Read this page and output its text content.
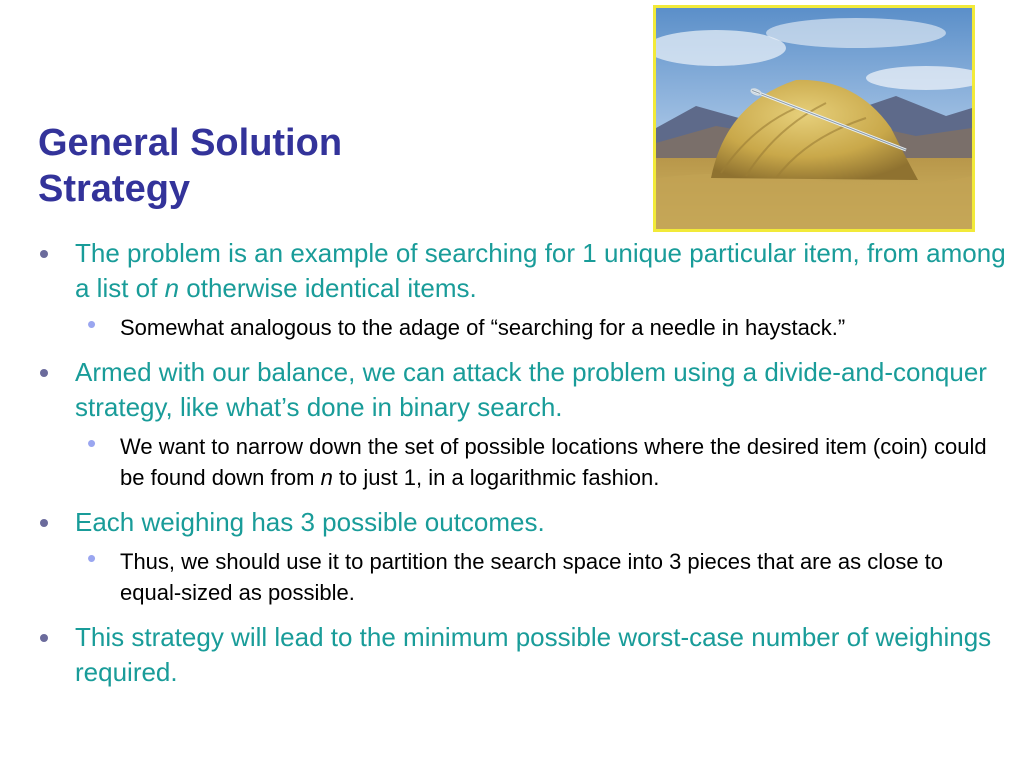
General Solution
Strategy
The problem is an example of searching for 1 unique particular item, from among a list of n otherwise identical items.
• Somewhat analogous to the adage of “searching for a needle in haystack.”
Armed with our balance, we can attack the problem using a divide-and-conquer strategy, like what’s done in binary search.
• We want to narrow down the set of possible locations where the desired item (coin) could be found down from n to just 1, in a logarithmic fashion.
Each weighing has 3 possible outcomes.
• Thus, we should use it to partition the search space into 3 pieces that are as close to equal-sized as possible.
This strategy will lead to the minimum possible worst-case number of weighings required.
